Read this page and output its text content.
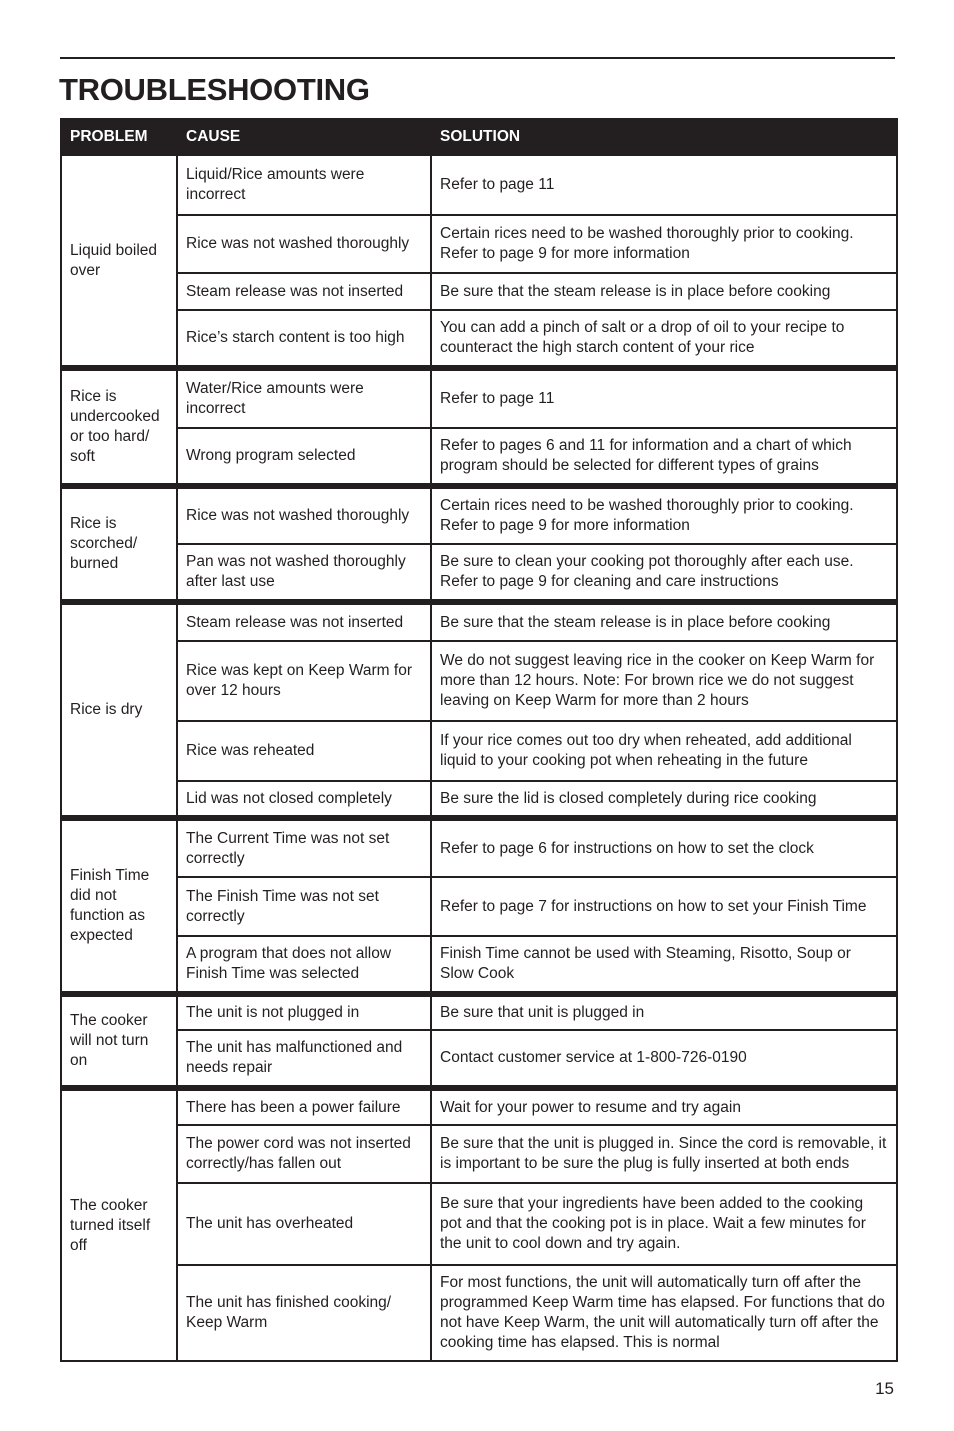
TROUBLESHOOTING
PROBLEM	CAUSE	SOLUTION
Liquid boiled over	Liquid/Rice amounts were incorrect	Refer to page 11
	Rice was not washed thoroughly	Certain rices need to be washed thoroughly prior to cooking. Refer to page 9 for more information
	Steam release was not inserted	Be sure that the steam release is in place before cooking
	Rice’s starch content is too high	You can add a pinch of salt or a drop of oil to your recipe to counteract the high starch content of your rice
Rice is undercooked or too hard/ soft	Water/Rice amounts were incorrect	Refer to page 11
	Wrong program selected	Refer to pages 6 and 11 for information and a chart of which program should be selected for different types of grains
Rice is scorched/ burned	Rice was not washed thoroughly	Certain rices need to be washed thoroughly prior to cooking. Refer to page 9 for more information
	Pan was not washed thoroughly after last use	Be sure to clean your cooking pot thoroughly after each use. Refer to page 9 for cleaning and care instructions
Rice is dry	Steam release was not inserted	Be sure that the steam release is in place before cooking
	Rice was kept on Keep Warm for over 12 hours	We do not suggest leaving rice in the cooker on Keep Warm for more than 12 hours. Note: For brown rice we do not suggest leaving on Keep Warm for more than 2 hours
	Rice was reheated	If your rice comes out too dry when reheated, add additional liquid to your cooking pot when reheating in the future
	Lid was not closed completely	Be sure the lid is closed completely during rice cooking
Finish Time did not function as expected	The Current Time was not set correctly	Refer to page 6 for instructions on how to set the clock
	The Finish Time was not set correctly	Refer to page 7 for instructions on how to set your Finish Time
	A program that does not allow Finish Time was selected	Finish Time cannot be used with Steaming, Risotto, Soup or Slow Cook
The cooker will not turn on	The unit is not plugged in	Be sure that unit is plugged in
	The unit has malfunctioned and needs repair	Contact customer service at 1-800-726-0190
The cooker turned itself off	There has been a power failure	Wait for your power to resume and try again
	The power cord was not inserted correctly/has fallen out	Be sure that the unit is plugged in. Since the cord is removable, it is important to be sure the plug is fully inserted at both ends
	The unit has overheated	Be sure that your ingredients have been added to the cooking pot and that the cooking pot is in place. Wait a few minutes for the unit to cool down and try again.
	The unit has finished cooking/ Keep Warm	For most functions, the unit will automatically turn off after the programmed Keep Warm time has elapsed. For functions that do not have Keep Warm, the unit will automatically turn off after the cooking time has elapsed. This is normal
15
